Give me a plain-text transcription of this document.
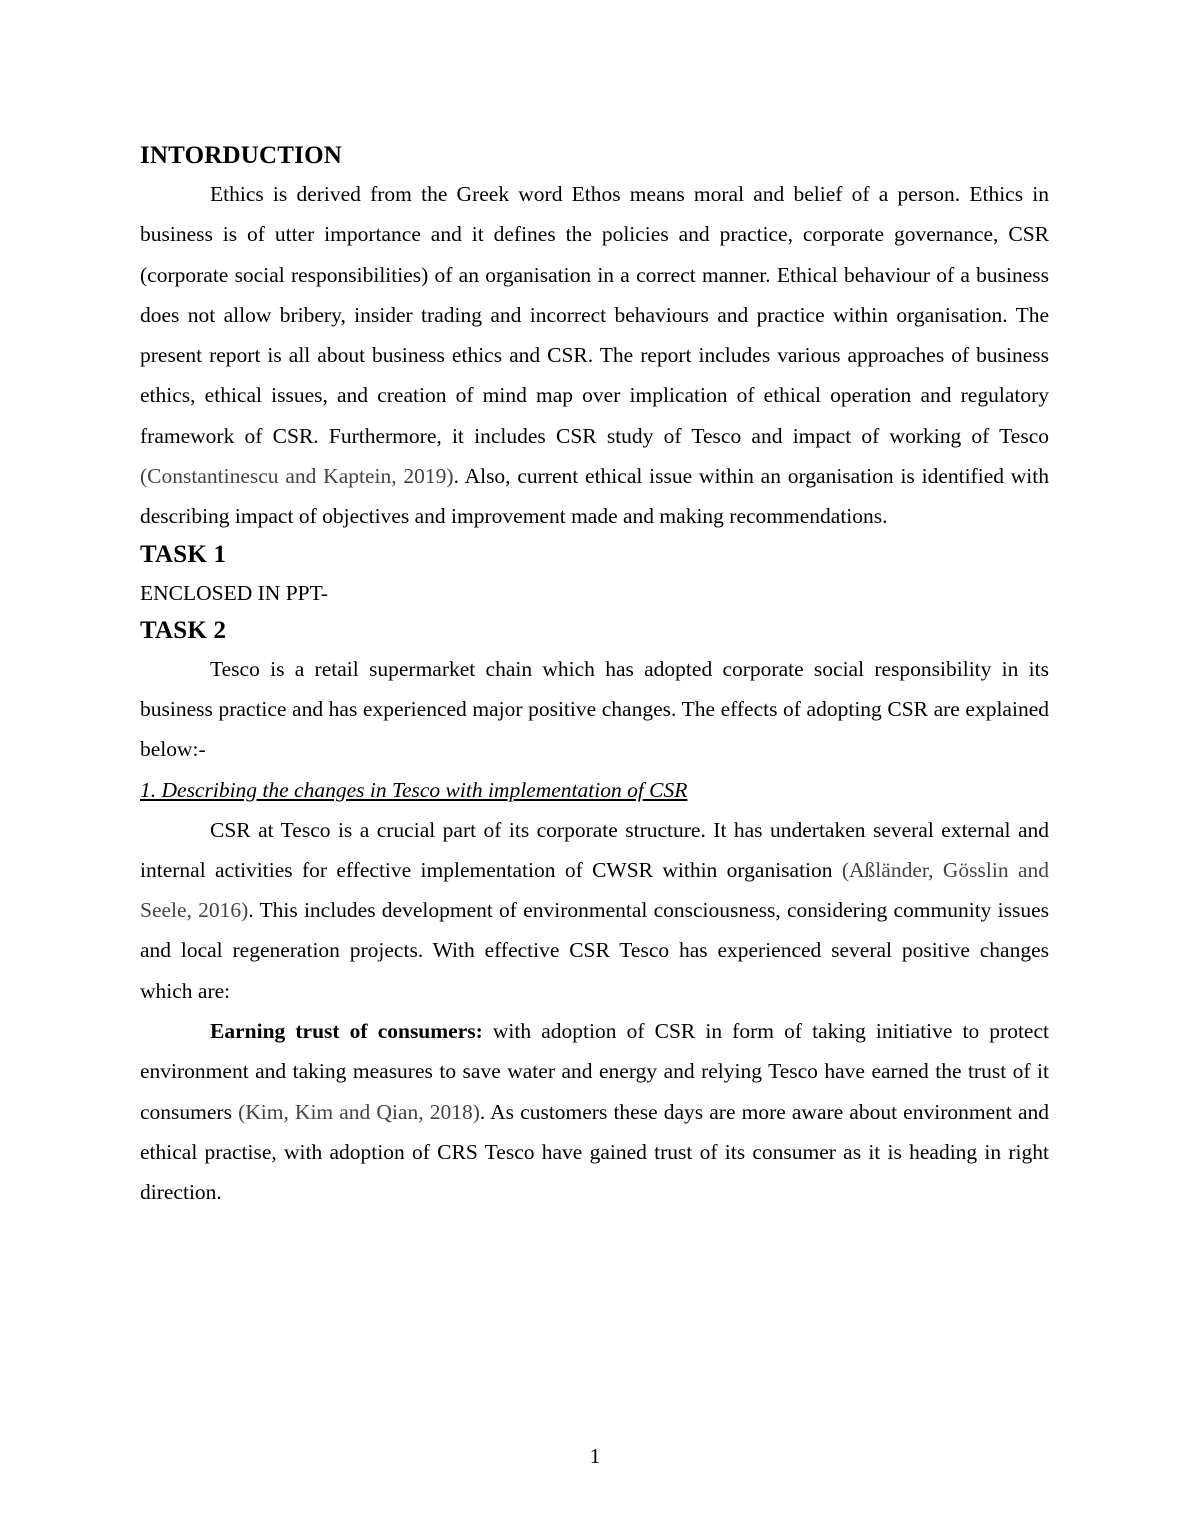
INTORDUCTION

Ethics is derived from the Greek word Ethos means moral and belief of a person. Ethics in business is of utter importance and it defines the policies and practice, corporate governance, CSR (corporate social responsibilities) of an organisation in a correct manner. Ethical behaviour of a business does not allow bribery, insider trading and incorrect behaviours and practice within organisation. The present report is all about business ethics and CSR. The report includes various approaches of business ethics, ethical issues, and creation of mind map over implication of ethical operation and regulatory framework of CSR. Furthermore, it includes CSR study of Tesco and impact of working of Tesco (Constantinescu and Kaptein, 2019). Also, current ethical issue within an organisation is identified with describing impact of objectives and improvement made and making recommendations.

TASK 1

ENCLOSED IN PPT-

TASK 2

Tesco is a retail supermarket chain which has adopted corporate social responsibility in its business practice and has experienced major positive changes. The effects of adopting CSR are explained below:-

1. Describing the changes in Tesco with implementation of CSR

CSR at Tesco is a crucial part of its corporate structure. It has undertaken several external and internal activities for effective implementation of CWSR within organisation (Aßländer, Gösslin and Seele, 2016). This includes development of environmental consciousness, considering community issues and local regeneration projects. With effective CSR Tesco has experienced several positive changes which are:

Earning trust of consumers: with adoption of CSR in form of taking initiative to protect environment and taking measures to save water and energy and relying Tesco have earned the trust of it consumers (Kim, Kim and Qian, 2018). As customers these days are more aware about environment and ethical practise, with adoption of CRS Tesco have gained trust of its consumer as it is heading in right direction.

1
